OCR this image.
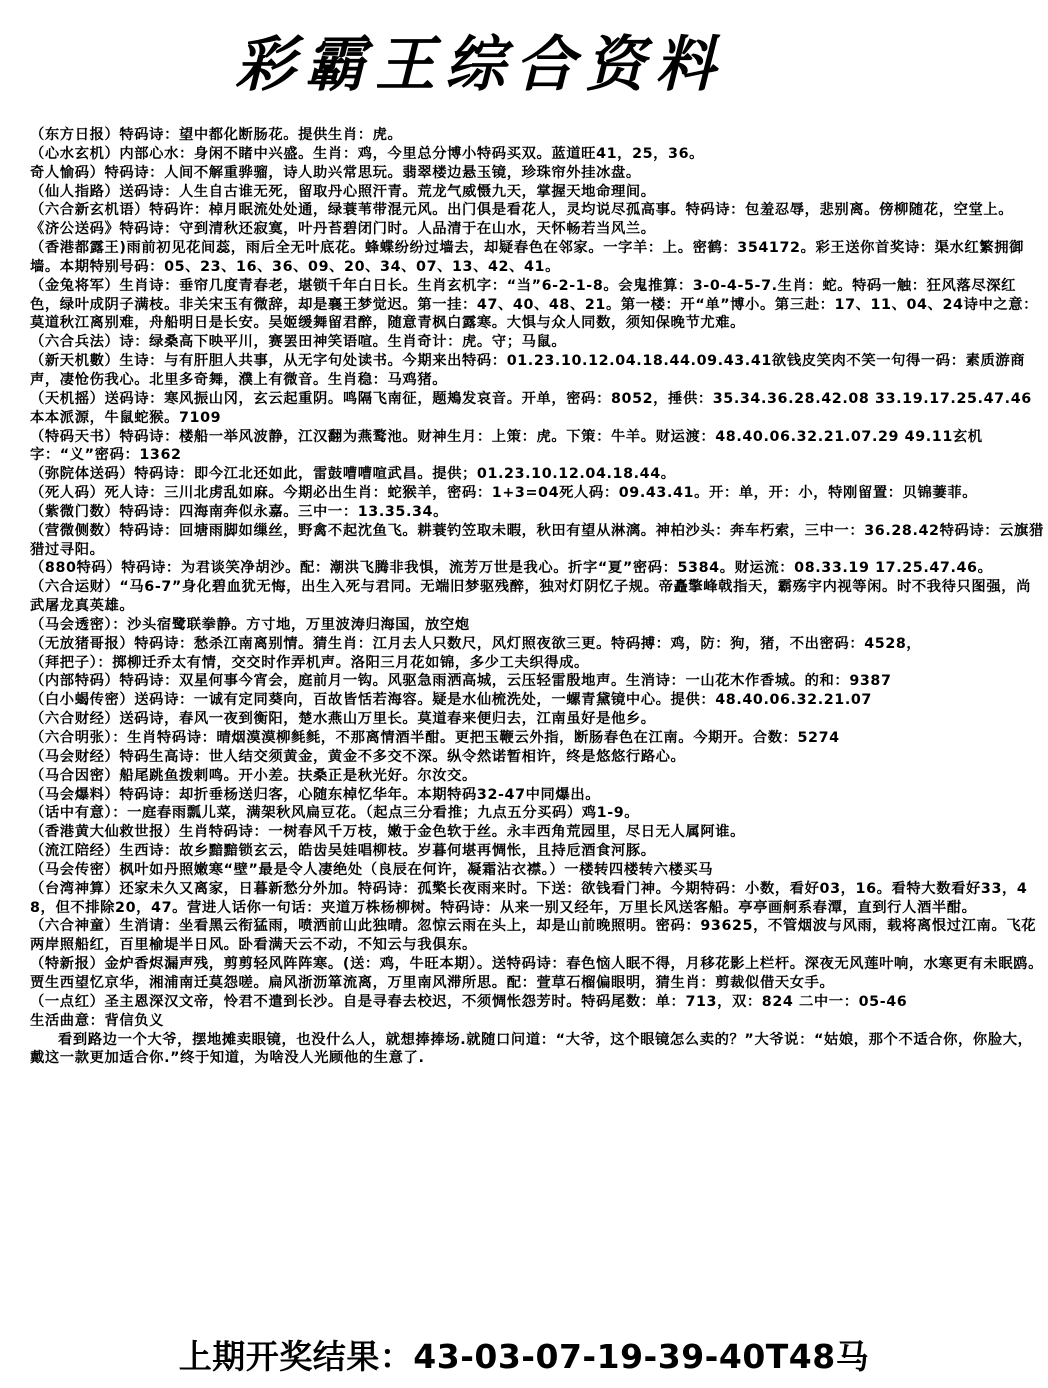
彩霸王综合资料

（东方日报）特码诗：望中都化断肠花。提供生肖：虎。

（心水玄机）内部心水：身闲不睹中兴盛。生肖：鸡，今里总分博小特码买双。蓝道旺41，25，36。

奇人愉码）特码诗：人间不解重骅骝，诗人助兴常思玩。翡翠楼边悬玉镜，珍珠帘外挂冰盘。

（仙人指路）送码诗：人生自古谁无死，留取丹心照汗青。荒龙气威慑九天，掌握天地命理间。

（六合新玄机语）特码许：棹月眠流处处通，绿蓑苇带混元风。出门俱是看花人，灵均说尽孤高事。特码诗：包羞忍辱，悲别离。傍柳随花，空堂上。

《济公送码》特码诗：守到清秋还寂寞，叶丹苔碧闭门时。人品清于在山水，天怀畅若当风兰。

（香港都露王)雨前初见花间蕊，雨后全无叶底花。蜂蝶纷纷过墙去，却疑春色在邻家。一字羊：上。密鹤：354172。彩王送你首奖诗：渠水红繁拥御墙。本期特别号码：05、23、16、36、09、20、34、07、13、42、41。

（金兔将军）生肖诗：垂帘几度青春老，堪锁千年白日长。生肖玄机字：“当”6-2-1-8。会鬼推算：3-0-4-5-7.生肖：蛇。特码一触：狂风落尽深红色，绿叶成阴子满枝。非关宋玉有微辞，却是襄王梦觉迟。第一挂：47、40、48、21。第一楼：开“单”博小。第三赴：17、11、04、24诗中之意：莫道秋江离别难，舟船明日是长安。吴姬缓舞留君醉，随意青枫白露寒。大惧与众人同数，须知保晚节尤难。

（六合兵法）诗：绿桑高下映平川，赛罢田神笑语喧。生肖奇计：虎。守；马鼠。

（新天机數）生诗：与有肝胆人共事，从无字句处读书。今期来出特码：01.23.10.12.04.18.44.09.43.41欲钱皮笑肉不笑一句得一码：素质游商声，凄怆伤我心。北里多奇舞，濮上有微音。生肖稳：马鸡猪。

（天机摇）送码诗：寒风振山冈，玄云起重阴。鸣隔飞南征，题鴂发哀音。开单，密码：8052，捶供：35.34.36.28.42.08 33.19.17.25.47.46本本派源，牛鼠蛇猴。7109

（特码天书）特码诗：楼船一举风波静，江汉翻为燕鹜池。财神生月：上策：虎。下策：牛羊。财运渡：48.40.06.32.21.07.29 49.11玄机字：“义”密码：1362

（弥院体送码）特码诗：即今江北还如此，雷鼓嘈嘈喧武昌。提供；01.23.10.12.04.18.44。

（死人码）死人诗：三川北虏乱如麻。今期必出生肖：蛇猴羊，密码：1+3=04死人码：09.43.41。开：单，开：小，特刚留置：贝锦萋菲。

（紫微门数）特码诗：四海南奔似永嘉。三中一：13.35.34。

（营微侧数）特码诗：回塘雨脚如缫丝，野禽不起沈鱼飞。耕蓑钓笠取未暇，秋田有望从淋漓。神柏沙头：奔车朽索，三中一：36.28.42特码诗：云旗猎猎过寻阳。

（880特码）特码诗：为君谈笑净胡沙。配：潮洪飞腾非我惧，流芳万世是我心。折字“夏”密码：5384。财运流：08.33.19 17.25.47.46。

（六合运财）“马6-7”身化碧血犹无悔，出生入死与君同。无端旧梦驱残醉，独对灯阴忆子规。帝矗擎峰戟指天，霸殇宇内视等闲。时不我待只图强，尚武屠龙真英雄。

（马会透密）：沙头宿鹭联拳静。方寸地，万里波涛归海国，放空炮

（无放猪哥报）特码诗：愁杀江南离别情。猜生肖：江月去人只数尺，风灯照夜欲三更。特码搏：鸡，防：狗，猪，不出密码：4528，

（拜把子）：掷柳迁乔太有情，交交时作弄机声。洛阳三月花如锦，多少工夫织得成。

（内部特码）特码诗：双星何事今宵会，庭前月一钩。风驱急雨洒高城，云压轻雷殷地声。生消诗：一山花木作香城。的和：9387

（白小蝎传密）送码诗：一诚有定同葵向，百故皆恬若海容。疑是水仙梳洗处，一螺青黛镜中心。提供：48.40.06.32.21.07

（六合财经）送码诗，春风一夜到衡阳，楚水燕山万里长。莫道春来便归去，江南虽好是他乡。

（六合明张）：生肖特码诗：晴烟漠漠柳毵毵，不那离情酒半酣。更把玉鞭云外指，断肠春色在江南。今期开。合数：5274

（马会财经）特码生高诗：世人结交须黄金，黄金不多交不深。纵令然诺暂相许，终是悠悠行路心。

（马合因密）船尾跳鱼拨剌鸣。开小差。扶桑正是秋光好。尔汝交。

（马会爆料）特码诗：却折垂杨送归客，心随东棹忆华年。本期特码32-47中同爆出。

（话中有意）：一庭春雨瓢儿菜，满架秋风扁豆花。（起点三分看推；九点五分买码）鸡1-9。

（香港黄大仙救世报）生肖特码诗：一树春风千万枝，嫩于金色软于丝。永丰西角荒园里，尽日无人属阿谁。

（流江陪经）生西诗：故乡黯黯锁玄云，皓齿吴娃唱柳枝。岁暮何堪再惆怅，且持卮酒食河豚。

（马会传密）枫叶如丹照嫩寒“壁”最是令人凄绝处（良辰在何许，凝霜沾衣襟。）一楼转四楼转六楼买马

（台湾神算）还家未久又离家，日暮新愁分外加。特码诗：孤檠长夜雨来时。下送：欲钱看门神。今期特码：小数，看好03，16。看特大数看好33，48，但不排除20，47。营进人话你一句话：夹道万株杨柳树。特码诗：从来一别又经年，万里长风送客船。亭亭画舸系春潭，直到行人酒半酣。

（六合神童）生消请：坐看黑云衔猛雨，喷洒前山此独晴。忽惊云雨在头上，却是山前晚照明。密码：93625，不管烟波与风雨，载将离恨过江南。飞花两岸照船红，百里榆堤半日风。卧看满天云不动，不知云与我俱东。

（特新报）金炉香烬漏声残，剪剪轻风阵阵寒。(送：鸡，牛旺本期）。送特码诗：春色恼人眠不得，月移花影上栏杆。深夜无风莲叶响，水寒更有未眠鸥。贾生西望忆京华，湘浦南迁莫怨嗟。扁风浙沥箪流离，万里南风滞所思。配：萱草石榴偏眼明，猜生肖：剪裁似借天女手。

（一点红）圣主恩深汉文帝，怜君不遣到长沙。自是寻春去校迟，不须惆怅怨芳时。特码尾数：单：713，双：824 二中一：05-46

生活曲意：背信负义

看到路边一个大爷，摆地摊卖眼镜，也没什么人，就想捧捧场.就随口问道：“大爷，这个眼镜怎么卖的？”大爷说：“姑娘，那个不适合你，你脸大，戴这一款更加适合你.”终于知道，为啥没人光顾他的生意了.

上期开奖结果：43-03-07-19-39-40T48马
